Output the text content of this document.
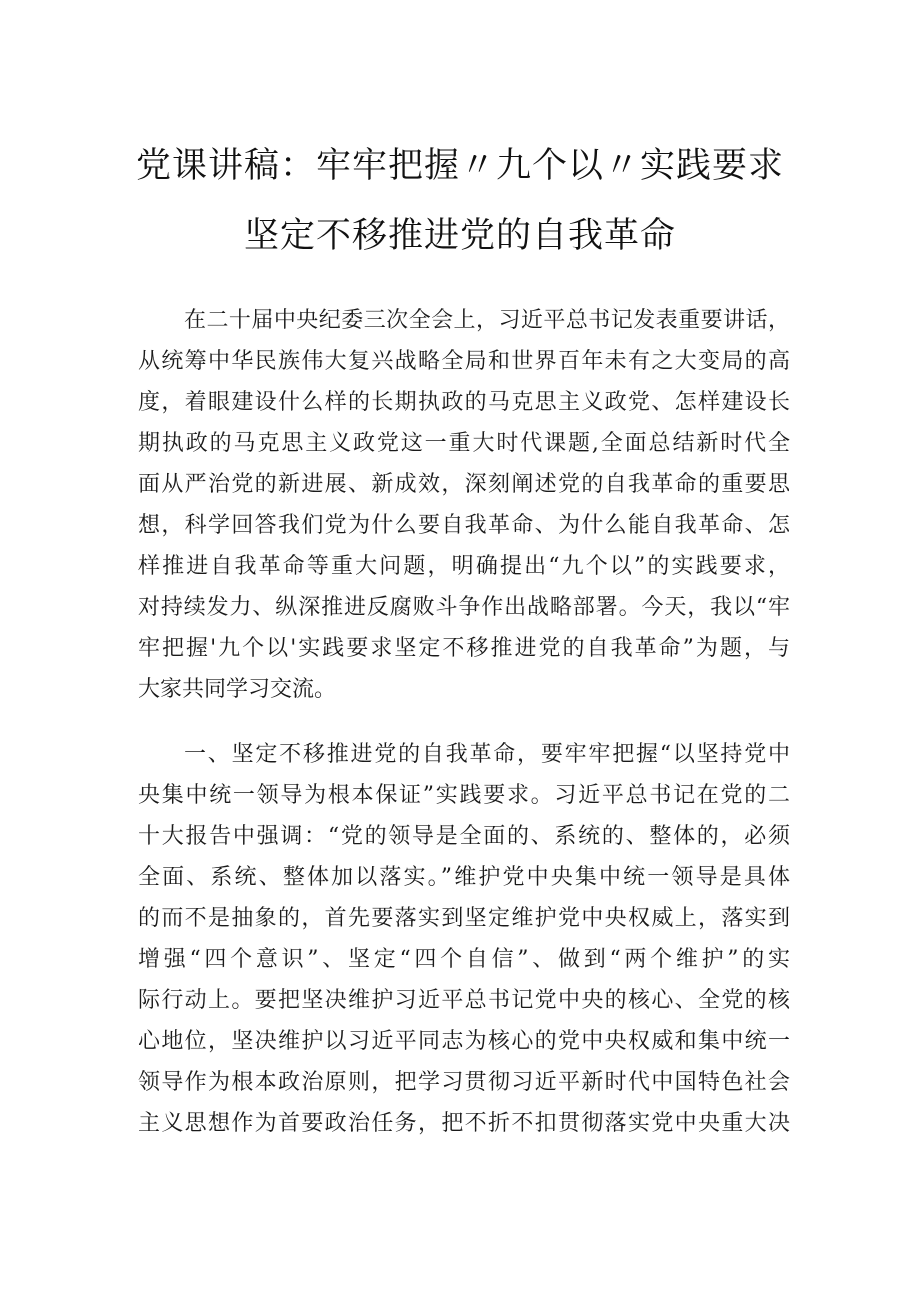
党课讲稿：牢牢把握〃九个以〃实践要求
坚定不移推进党的自我革命
在二十届中央纪委三次全会上，习近平总书记发表重要讲话，
从统筹中华民族伟大复兴战略全局和世界百年未有之大变局的高
度，着眼建设什么样的长期执政的马克思主义政党、怎样建设长
期执政的马克思主义政党这一重大时代课题,全面总结新时代全
面从严治党的新进展、新成效，深刻阐述党的自我革命的重要思
想，科学回答我们党为什么要自我革命、为什么能自我革命、怎
样推进自我革命等重大问题，明确提出“九个以”的实践要求，
对持续发力、纵深推进反腐败斗争作出战略部署。今天，我以“牢
牢把握'九个以'实践要求坚定不移推进党的自我革命”为题，与
大家共同学习交流。
一、坚定不移推进党的自我革命，要牢牢把握“以坚持党中
央集中统一领导为根本保证”实践要求。习近平总书记在党的二
十大报告中强调：“党的领导是全面的、系统的、整体的，必须
全面、系统、整体加以落实。”维护党中央集中统一领导是具体
的而不是抽象的，首先要落实到坚定维护党中央权威上，落实到
增强“四个意识”、坚定“四个自信”、做到“两个维护”的实
际行动上。要把坚决维护习近平总书记党中央的核心、全党的核
心地位，坚决维护以习近平同志为核心的党中央权威和集中统一
领导作为根本政治原则，把学习贯彻习近平新时代中国特色社会
主义思想作为首要政治任务，把不折不扣贯彻落实党中央重大决
